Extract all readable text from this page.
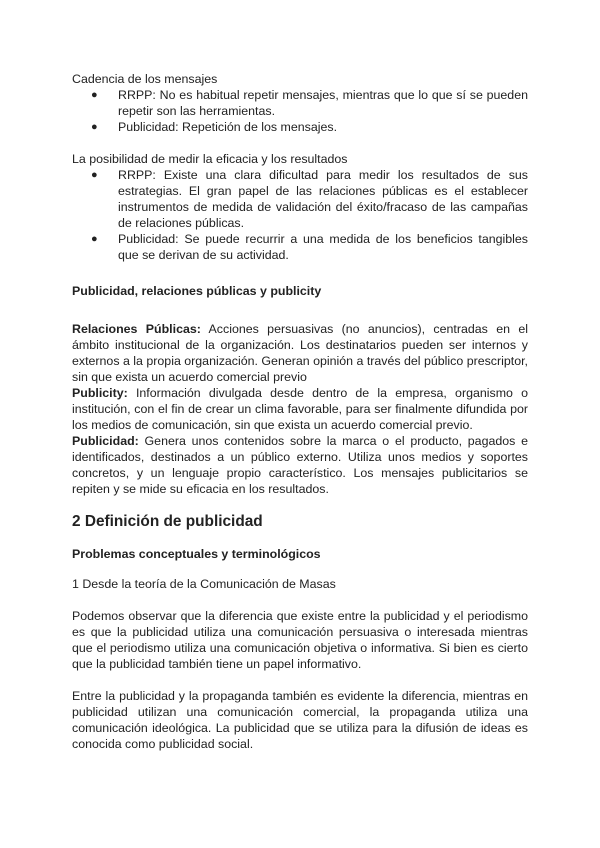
Cadencia de los mensajes

● RRPP: No es habitual repetir mensajes, mientras que lo que sí se pueden repetir son las herramientas.
● Publicidad: Repetición de los mensajes.

La posibilidad de medir la eficacia y los resultados

● RRPP: Existe una clara dificultad para medir los resultados de sus estrategias. El gran papel de las relaciones públicas es el establecer instrumentos de medida de validación del éxito/fracaso de las campañas de relaciones públicas.
● Publicidad: Se puede recurrir a una medida de los beneficios tangibles que se derivan de su actividad.

Publicidad, relaciones públicas y publicity

Relaciones Públicas: Acciones persuasivas (no anuncios), centradas en el ámbito institucional de la organización. Los destinatarios pueden ser internos y externos a la propia organización. Generan opinión a través del público prescriptor, sin que exista un acuerdo comercial previo

Publicity: Información divulgada desde dentro de la empresa, organismo o institución, con el fin de crear un clima favorable, para ser finalmente difundida por los medios de comunicación, sin que exista un acuerdo comercial previo.

Publicidad: Genera unos contenidos sobre la marca o el producto, pagados e identificados, destinados a un público externo. Utiliza unos medios y soportes concretos, y un lenguaje propio característico. Los mensajes publicitarios se repiten y se mide su eficacia en los resultados.

2 Definición de publicidad

Problemas conceptuales y terminológicos

1 Desde la teoría de la Comunicación de Masas

Podemos observar que la diferencia que existe entre la publicidad y el periodismo es que la publicidad utiliza una comunicación persuasiva o interesada mientras que el periodismo utiliza una comunicación objetiva o informativa. Si bien es cierto que la publicidad también tiene un papel informativo.

Entre la publicidad y la propaganda también es evidente la diferencia, mientras en publicidad utilizan una comunicación comercial, la propaganda utiliza una comunicación ideológica. La publicidad que se utiliza para la difusión de ideas es conocida como publicidad social.
